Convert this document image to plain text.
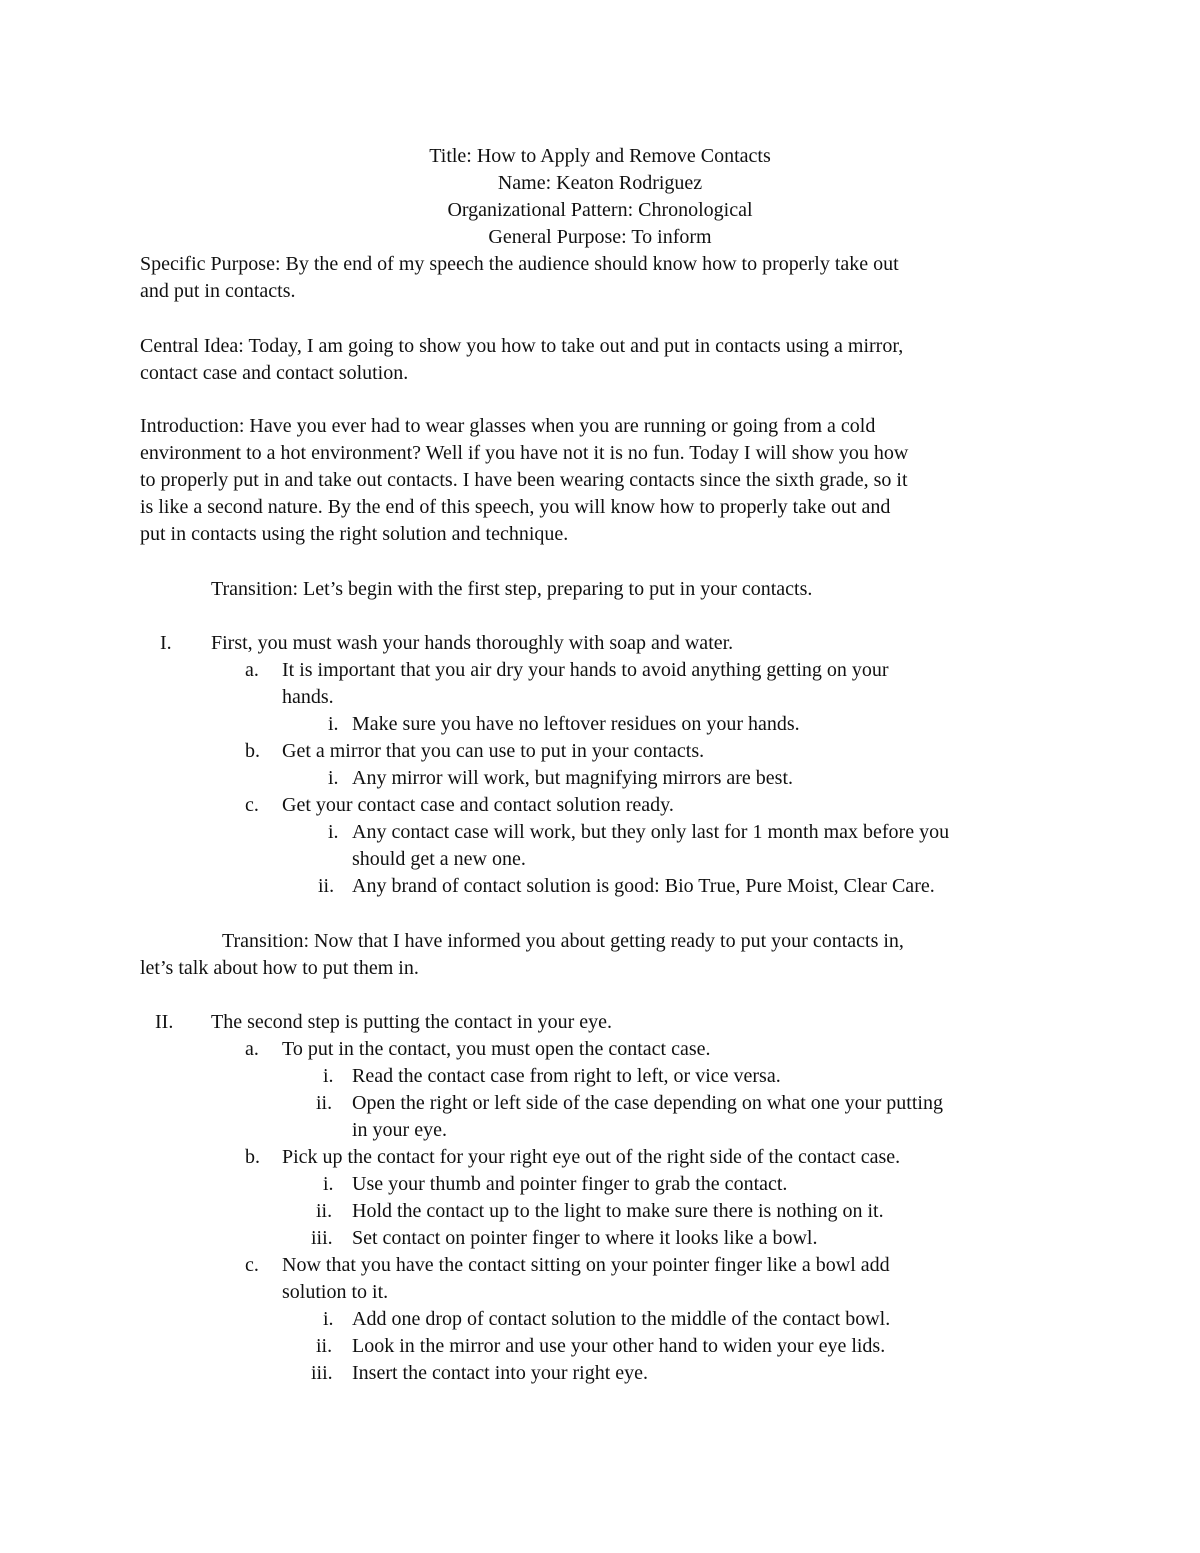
Title: How to Apply and Remove Contacts
Name: Keaton Rodriguez
Organizational Pattern: Chronological
General Purpose: To inform
Specific Purpose: By the end of my speech the audience should know how to properly take out
and put in contacts.
Central Idea: Today, I am going to show you how to take out and put in contacts using a mirror,
contact case and contact solution.
Introduction: Have you ever had to wear glasses when you are running or going from a cold
environment to a hot environment? Well if you have not it is no fun. Today I will show you how
to properly put in and take out contacts. I have been wearing contacts since the sixth grade, so it
is like a second nature. By the end of this speech, you will know how to properly take out and
put in contacts using the right solution and technique.
Transition: Let’s begin with the first step, preparing to put in your contacts.
I. First, you must wash your hands thoroughly with soap and water.
a. It is important that you air dry your hands to avoid anything getting on your
hands.
i. Make sure you have no leftover residues on your hands.
b. Get a mirror that you can use to put in your contacts.
i. Any mirror will work, but magnifying mirrors are best.
c. Get your contact case and contact solution ready.
i. Any contact case will work, but they only last for 1 month max before you
should get a new one.
ii. Any brand of contact solution is good: Bio True, Pure Moist, Clear Care.
Transition: Now that I have informed you about getting ready to put your contacts in,
let’s talk about how to put them in.
II. The second step is putting the contact in your eye.
a. To put in the contact, you must open the contact case.
i. Read the contact case from right to left, or vice versa.
ii. Open the right or left side of the case depending on what one your putting
in your eye.
b. Pick up the contact for your right eye out of the right side of the contact case.
i. Use your thumb and pointer finger to grab the contact.
ii. Hold the contact up to the light to make sure there is nothing on it.
iii. Set contact on pointer finger to where it looks like a bowl.
c. Now that you have the contact sitting on your pointer finger like a bowl add
solution to it.
i. Add one drop of contact solution to the middle of the contact bowl.
ii. Look in the mirror and use your other hand to widen your eye lids.
iii. Insert the contact into your right eye.
